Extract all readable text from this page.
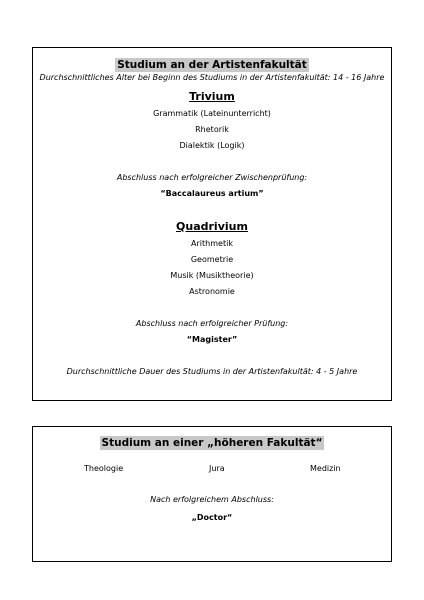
Studium an der Artistenfakultät
Durchschnittliches Alter bei Beginn des Studiums in der Artistenfakultät: 14 - 16 Jahre
Trivium
Grammatik (Lateinunterricht)
Rhetorik
Dialektik (Logik)
Abschluss nach erfolgreicher Zwischenprüfung:
“Baccalaureus artium”
Quadrivium
Arithmetik
Geometrie
Musik (Musiktheorie)
Astronomie
Abschluss nach erfolgreicher Prüfung:
“Magister”
Durchschnittliche Dauer des Studiums in der Artistenfakultät: 4 - 5 Jahre
Studium an einer „höheren Fakultät“
Theologie	Jura	Medizin
Nach erfolgreichem Abschluss:
„Doctor“
